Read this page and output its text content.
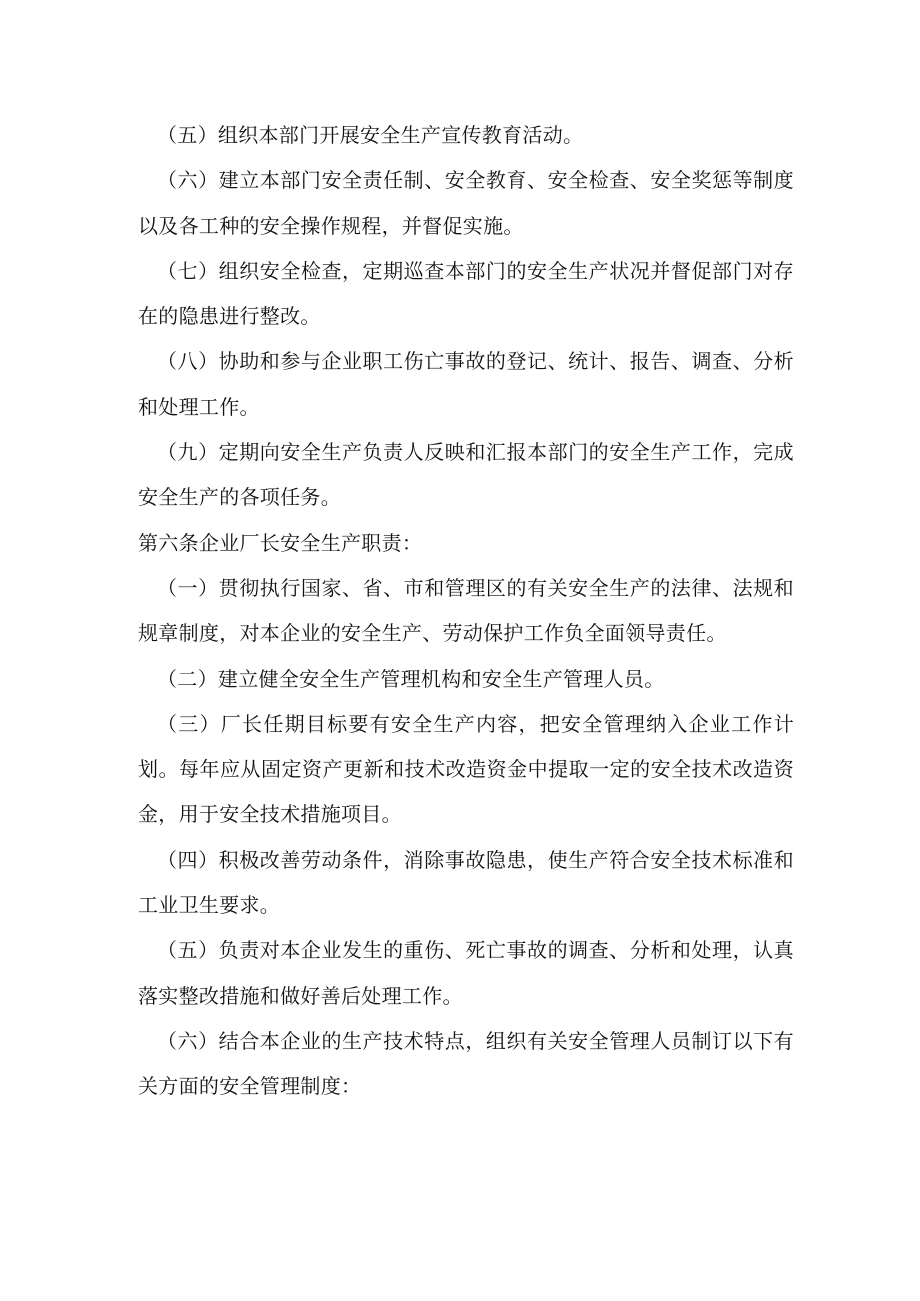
（五）组织本部门开展安全生产宣传教育活动。

（六）建立本部门安全责任制、安全教育、安全检查、安全奖惩等制度以及各工种的安全操作规程，并督促实施。

（七）组织安全检查，定期巡查本部门的安全生产状况并督促部门对存在的隐患进行整改。

（八）协助和参与企业职工伤亡事故的登记、统计、报告、调查、分析和处理工作。

（九）定期向安全生产负责人反映和汇报本部门的安全生产工作，完成安全生产的各项任务。

第六条企业厂长安全生产职责：

（一）贯彻执行国家、省、市和管理区的有关安全生产的法律、法规和规章制度，对本企业的安全生产、劳动保护工作负全面领导责任。

（二）建立健全安全生产管理机构和安全生产管理人员。

（三）厂长任期目标要有安全生产内容，把安全管理纳入企业工作计划。每年应从固定资产更新和技术改造资金中提取一定的安全技术改造资金，用于安全技术措施项目。

（四）积极改善劳动条件，消除事故隐患，使生产符合安全技术标准和工业卫生要求。

（五）负责对本企业发生的重伤、死亡事故的调查、分析和处理，认真落实整改措施和做好善后处理工作。

（六）结合本企业的生产技术特点，组织有关安全管理人员制订以下有关方面的安全管理制度：
